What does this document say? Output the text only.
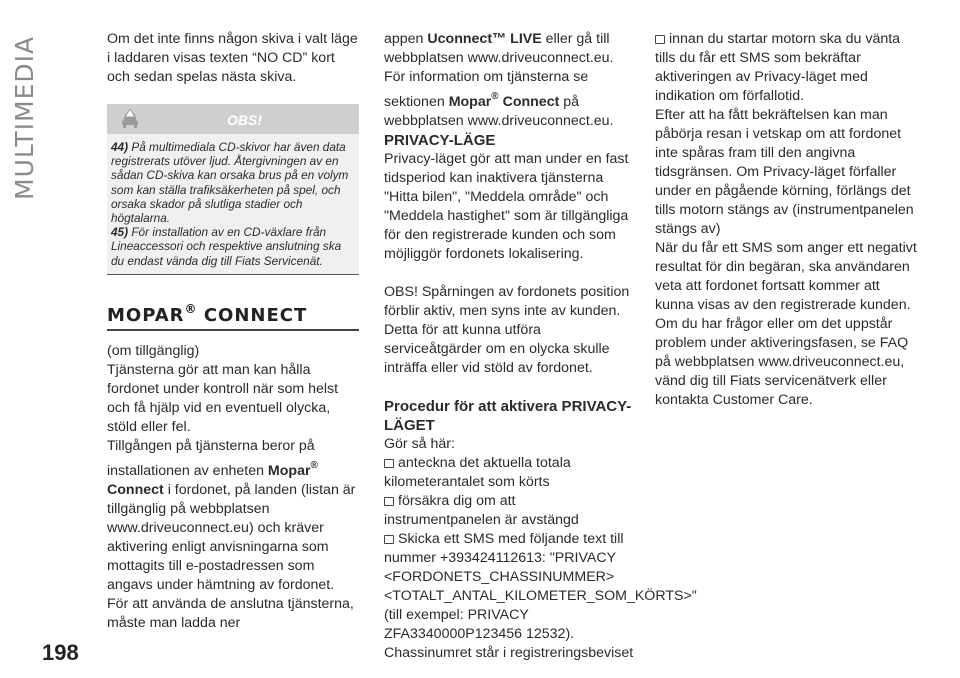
MULTIMEDIA	Om det inte finns någon skiva i valt läge i laddaren visas texten “NO CD” kort och sedan spelas nästa skiva.

OBS!
44) På multimediala CD-skivor har även data registrerats utöver ljud. Återgivningen av en sådan CD-skiva kan orsaka brus på en volym som kan ställa trafiksäkerheten på spel, och orsaka skador på slutliga stadier och högtalarna.
45) För installation av en CD-växlare från Lineaccessori och respektive anslutning ska du endast vända dig till Fiats Servicenät.
MOPAR® CONNECT

(om tillgänglig)

Tjänsterna gör att man kan hålla fordonet under kontroll när som helst och få hjälp vid en eventuell olycka, stöld eller fel.

Tillgången på tjänsterna beror på installationen av enheten Mopar®
Connect i fordonet, på landen (listan är tillgänglig på webbplatsen www.driveuconnect.eu) och kräver aktivering enligt anvisningarna som mottagits till e-postadressen som angavs under hämtning av fordonet.

För att använda de anslutna tjänsterna, måste man ladda ner

appen Uconnect™ LIVE eller gå till webbplatsen www.driveuconnect.eu.

För information om tjänsterna se sektionen Mopar® Connect på webbplatsen www.driveuconnect.eu.

PRIVACY-LÄGE

Privacy-läget gör att man under en fast tidsperiod kan inaktivera tjänsterna "Hitta bilen", "Meddela område" och "Meddela hastighet" som är tillgängliga för den registrerade kunden och som möjliggör fordonets lokalisering.

OBS! Spårningen av fordonets position förblir aktiv, men syns inte av kunden. Detta för att kunna utföra serviceåtgärder om en olycka skulle inträffa eller vid stöld av fordonet.

Procedur för att aktivera PRIVACY-LÄGET

Gör så här:

anteckna det aktuella totala kilometerantalet som körts

försäkra dig om att instrumentpanelen är avstängd

Skicka ett SMS med följande text till nummer +393424112613: "PRIVACY <FORDONETS_CHASSINUMMER> <TOTALT_ANTAL_KILOMETER_SOM_KÖRTS>" (till exempel: PRIVACY ZFA3340000P123456 12532). Chassinumret står i registreringsbeviset

innan du startar motorn ska du vänta tills du får ett SMS som bekräftar aktiveringen av Privacy-läget med indikation om förfallotid.

Efter att ha fått bekräftelsen kan man påbörja resan i vetskap om att fordonet inte spåras fram till den angivna tidsgränsen. Om Privacy-läget förfaller under en pågående körning, förlängs det tills motorn stängs av (instrumentpanelen stängs av)

När du får ett SMS som anger ett negativt resultat för din begäran, ska användaren veta att fordonet fortsatt kommer att kunna visas av den registrerade kunden.

Om du har frågor eller om det uppstår problem under aktiveringsfasen, se FAQ på webbplatsen www.driveuconnect.eu, vänd dig till Fiats servicenätverk eller kontakta Customer Care.

198
